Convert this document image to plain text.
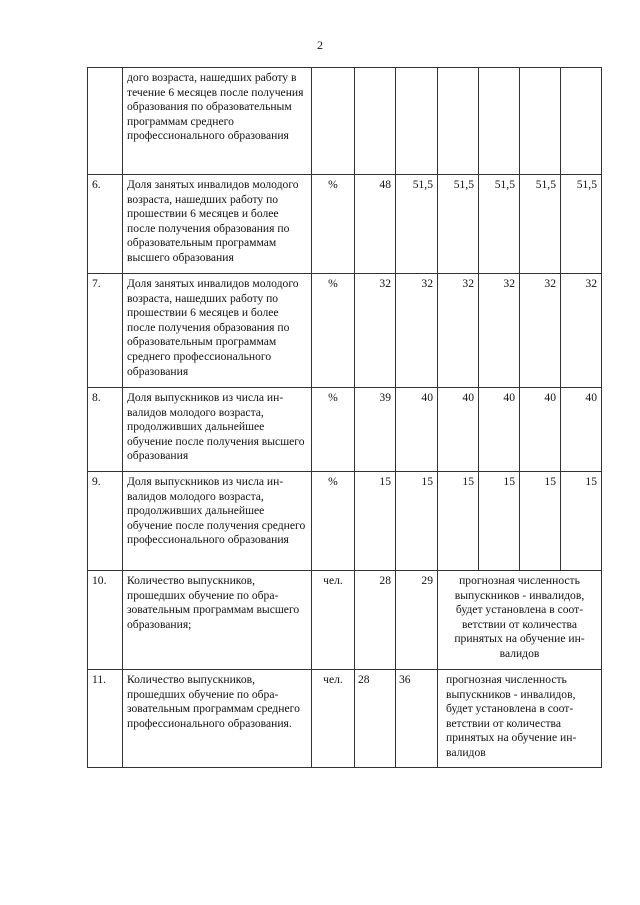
2
	дого возраста, нашедших работу в течение 6 месяцев после получения образования по образовательным программам среднего профессионального образования							
6.	Доля занятых инвалидов молодого возраста, нашедших работу по прошествии 6 месяцев и более после получения образования по образовательным программам высшего образования	%	48	51,5	51,5	51,5	51,5	51,5
7.	Доля занятых инвалидов молодого возраста, нашедших работу по прошествии 6 месяцев и более после получения образования по образовательным программам среднего профессионального образования	%	32	32	32	32	32	32
8.	Доля выпускников из числа инвалидов молодого возраста, продолживших дальнейшее обучение после получения высшего образования	%	39	40	40	40	40	40
9.	Доля выпускников из числа инвалидов молодого возраста, продолживших дальнейшее обучение после получения среднего профессионального образования	%	15	15	15	15	15	15
10.	Количество выпускников, прошедших обучение по образовательным программам высшего образования;	чел.	28	29	прогнозная численность выпускников - инвалидов, будет установлена в соответствии от количества принятых на обучение инвалидов			
11.	Количество выпускников, прошедших обучение по образовательным программам среднего профессионального образования.	чел.	28	36	прогнозная численность выпускников - инвалидов, будет установлена в соответствии от количества принятых на обучение инвалидов			
